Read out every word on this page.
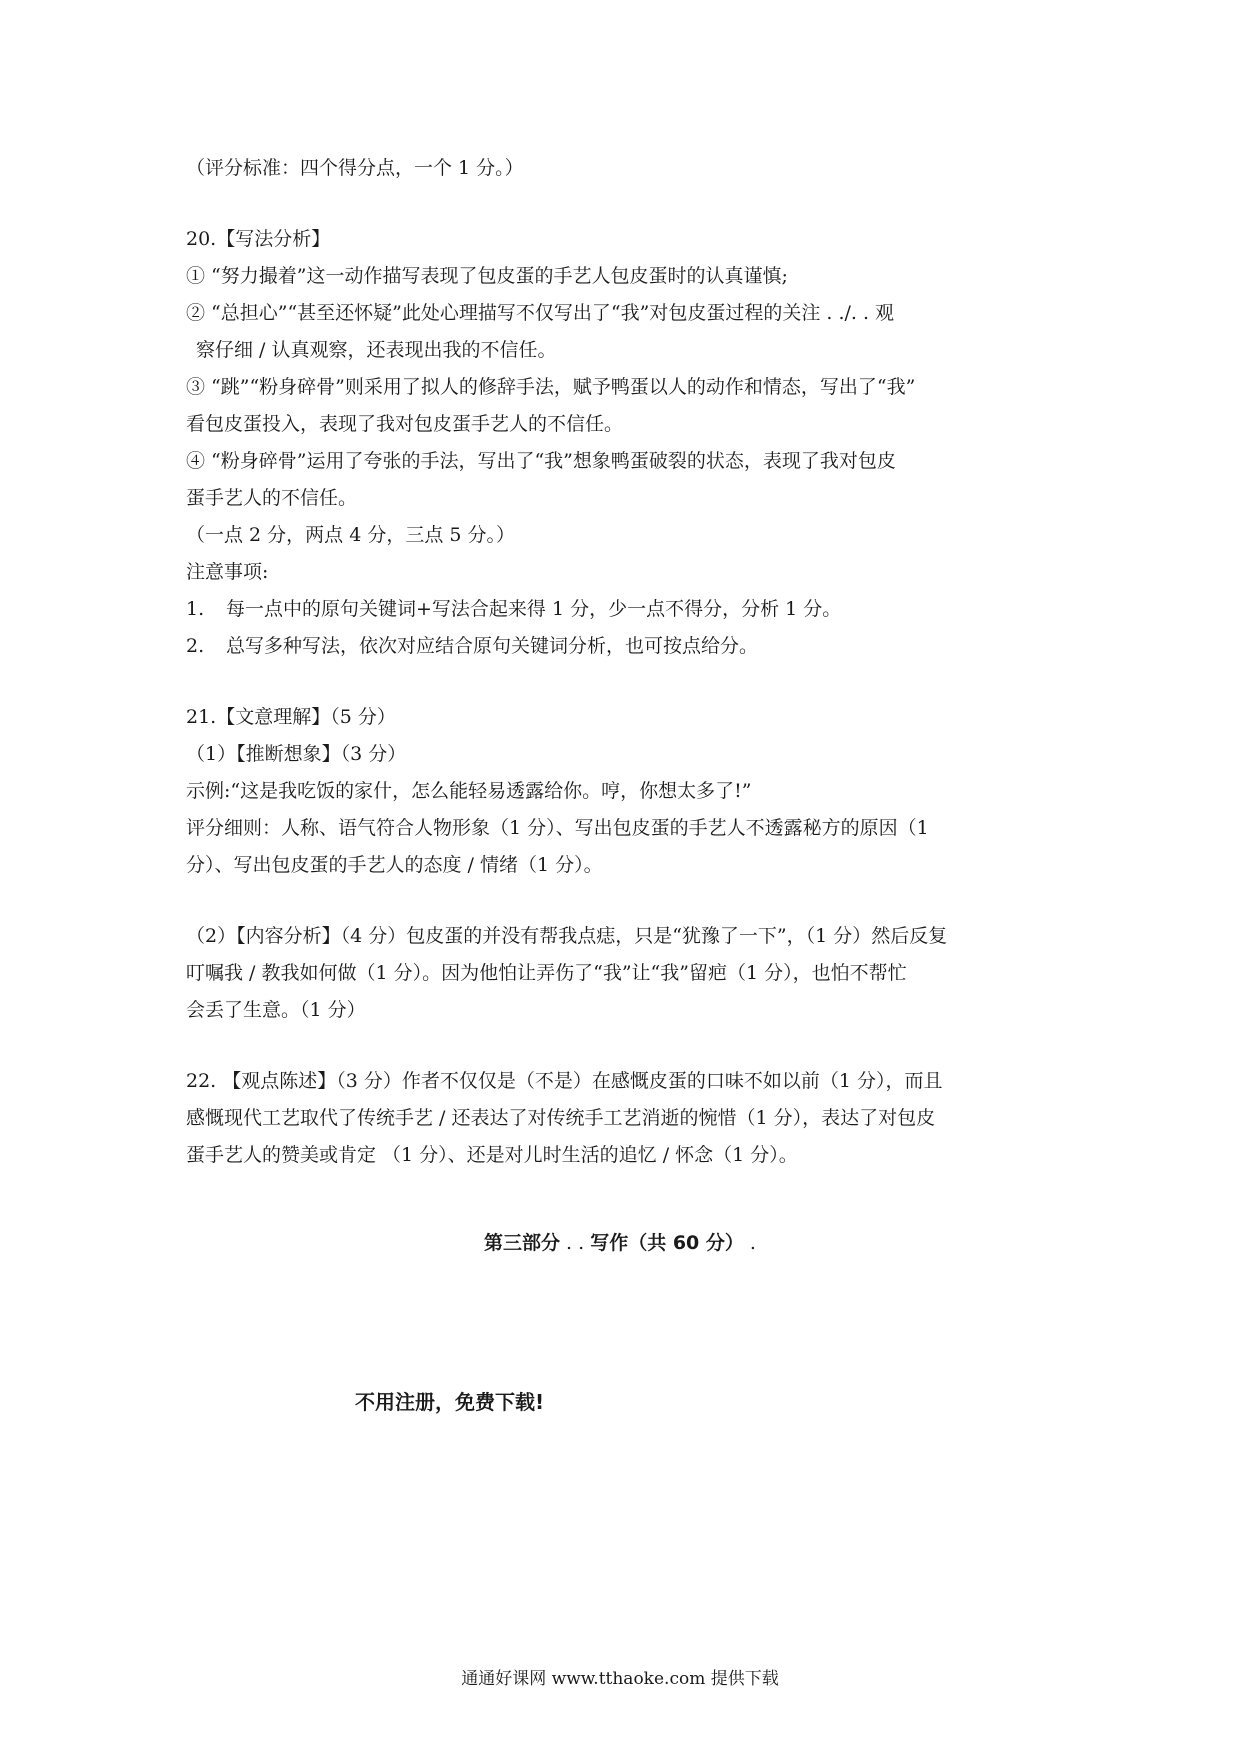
（评分标准：四个得分点，一个 1 分。）
20.【写法分析】
① “努力撮着”这一动作描写表现了包皮蛋的手艺人包皮蛋时的认真谨慎;
② “总担心”“甚至还怀疑”此处心理描写不仅写出了“我”对包皮蛋过程的关注 . ./. . 观
察仔细 / 认真观察，还表现出我的不信任。
③ “跳”“粉身碎骨”则采用了拟人的修辞手法，赋予鸭蛋以人的动作和情态，写出了“我”
看包皮蛋投入，表现了我对包皮蛋手艺人的不信任。
④ “粉身碎骨”运用了夸张的手法，写出了“我”想象鸭蛋破裂的状态，表现了我对包皮
蛋手艺人的不信任。
（一点 2 分，两点 4 分，三点 5 分。）
注意事项:
1. 每一点中的原句关键词+写法合起来得 1 分，少一点不得分，分析 1 分。
2. 总写多种写法，依次对应结合原句关键词分析，也可按点给分。
21.【文意理解】（5 分）
（1）【推断想象】（3 分）
示例:“这是我吃饭的家什，怎么能轻易透露给你。哼，你想太多了!”
评分细则：人称、语气符合人物形象（1 分）、写出包皮蛋的手艺人不透露秘方的原因（1
分）、写出包皮蛋的手艺人的态度 / 情绪（1 分）。
（2）【内容分析】（4 分）包皮蛋的并没有帮我点痣，只是“犹豫了一下”，（1 分）然后反复
叮嘱我 / 教我如何做（1 分）。因为他怕让弄伤了“我”让“我”留疤（1 分），也怕不帮忙
会丢了生意。（1 分）
22. 【观点陈述】（3 分）作者不仅仅是（不是）在感慨皮蛋的口味不如以前（1 分），而且
感慨现代工艺取代了传统手艺 / 还表达了对传统手工艺消逝的惋惜（1 分），表达了对包皮
蛋手艺人的赞美或肯定 （1 分）、还是对儿时生活的追忆 / 怀念（1 分）。
第三部分 . . 写作（共 60 分） .
不用注册，免费下载!
通通好课网 www.tthaoke.com 提供下载
